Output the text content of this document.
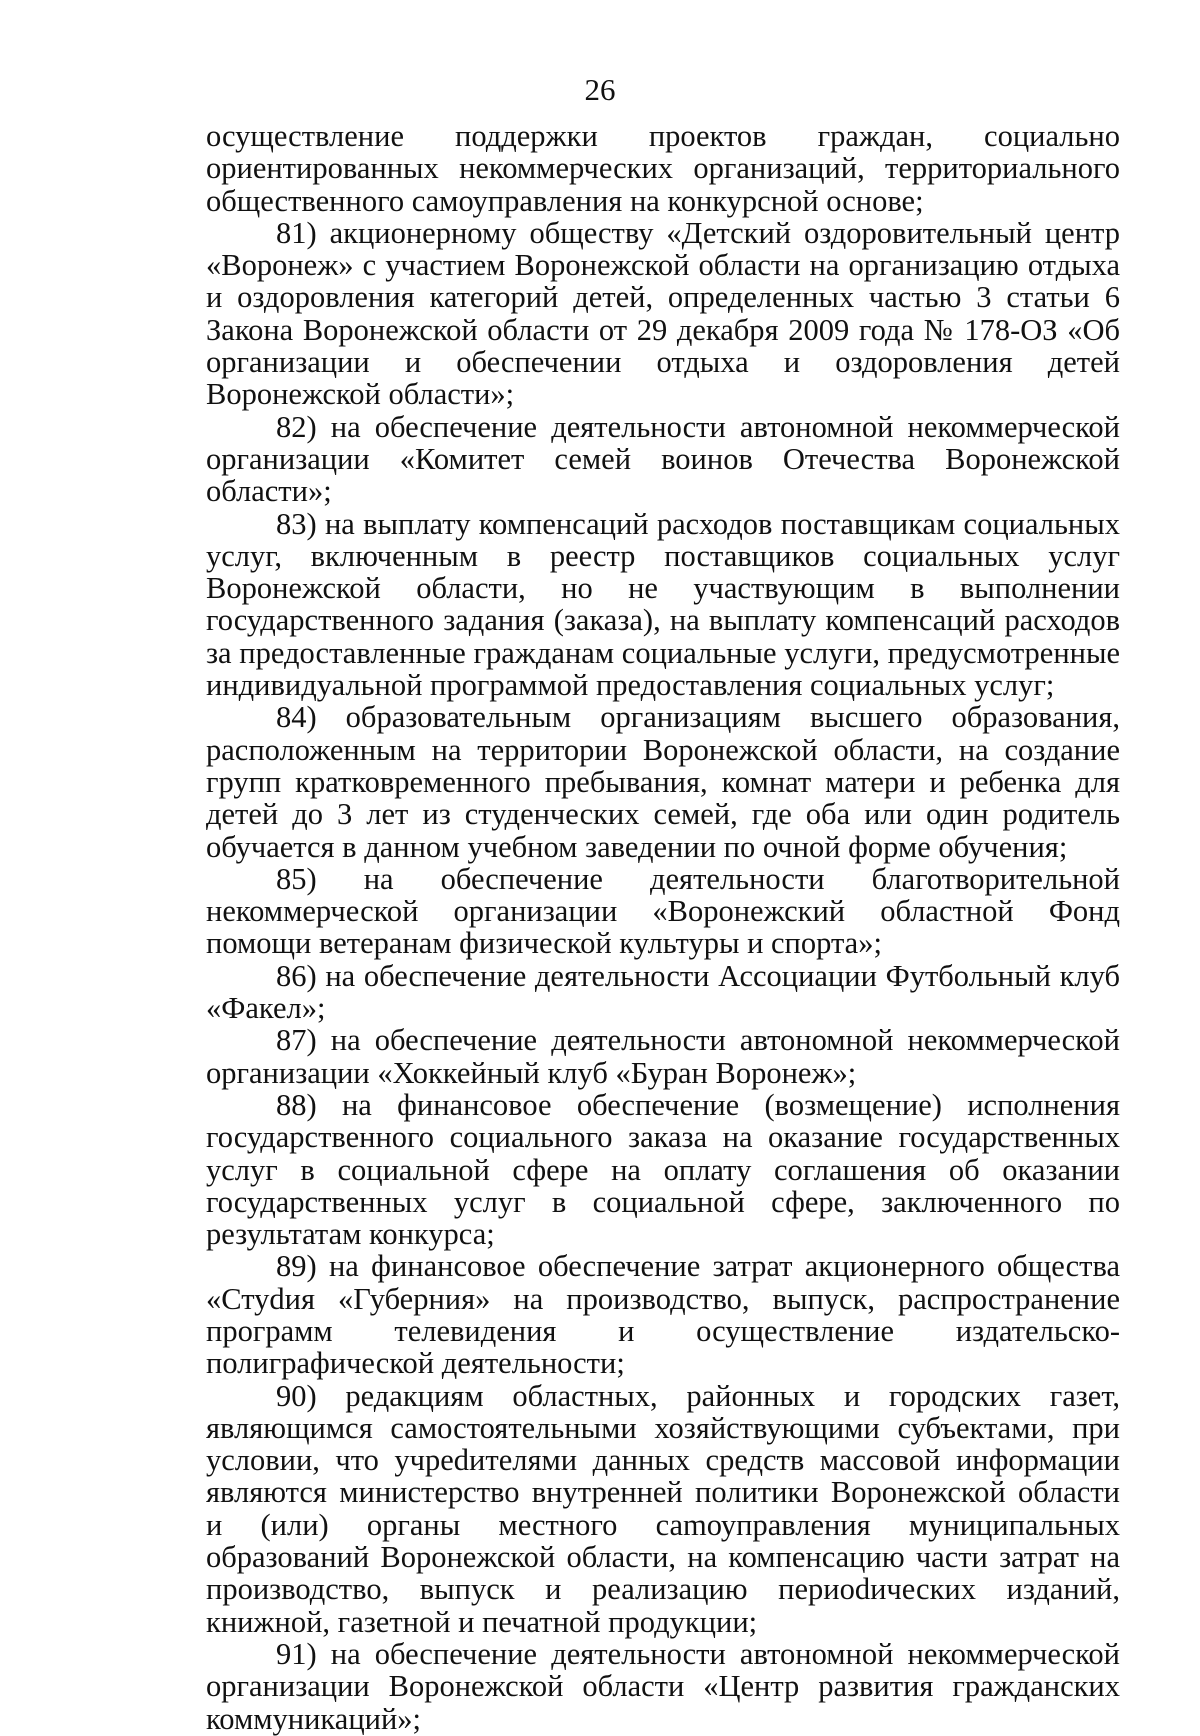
26

осуществление поддержки проектов граждан, социально ориентированных некоммерческих организаций, территориального общественного самоуправления на конкурсной основе;

81) акционерному обществу «Детский оздоровительный центр «Воронеж» с участием Воронежской области на организацию отдыха и оздоровления категорий детей, определенных частью 3 статьи 6 Закона Воронежской области от 29 декабря 2009 года № 178-ОЗ «Об организации и обеспечении отдыха и оздоровления детей Воронежской области»;

82) на обеспечение деятельности автономной некоммерческой организации «Комитет семей воинов Отечества Воронежской области»;

83) на выплату компенсаций расходов поставщикам социальных услуг, включенным в реестр поставщиков социальных услуг Воронежской области, но не участвующим в выполнении государственного задания (заказа), на выплату компенсаций расходов за предоставленные гражданам социальные услуги, предусмотренные индивидуальной программой предоставления социальных услуг;

84) образовательным организациям высшего образования, расположенным на территории Воронежской области, на создание групп кратковременного пребывания, комнат матери и ребенка для детей до 3 лет из студенческих семей, где оба или один родитель обучается в данном учебном заведении по очной форме обучения;

85) на обеспечение деятельности благотворительной некоммерческой организации «Воронежский областной Фонд помощи ветеранам физической культуры и спорта»;

86) на обеспечение деятельности Ассоциации Футбольный клуб «Факел»;

87) на обеспечение деятельности автономной некоммерческой организации «Хоккейный клуб «Буран Воронеж»;

88) на финансовое обеспечение (возмещение) исполнения государственного социального заказа на оказание государственных услуг в социальной сфере на оплату соглашения об оказании государственных услуг в социальной сфере, заключенного по результатам конкурса;

89) на финансовое обеспечение затрат акционерного общества «Стуdия «Губерния» на производство, выпуск, распространение программ телевидения и осуществление издательско-полиграфической деятельности;

90) редакциям областных, районных и городских газет, являющимся самостоятельными хозяйствующими субъектами, при условии, что учреdителями данных средств массовой информации являются министерство внутренней политики Воронежской области и (или) органы местного саmоуправления муниципальных образований Воронежской области, на компенсацию части затрат на производство, выпуск и реализацию периоdических изданий, книжной, газетной и печатной продукции;

91) на обеспечение деятельности автономной некоммерческой организации Воронежской области «Центр развития гражданских коммуникаций»;
